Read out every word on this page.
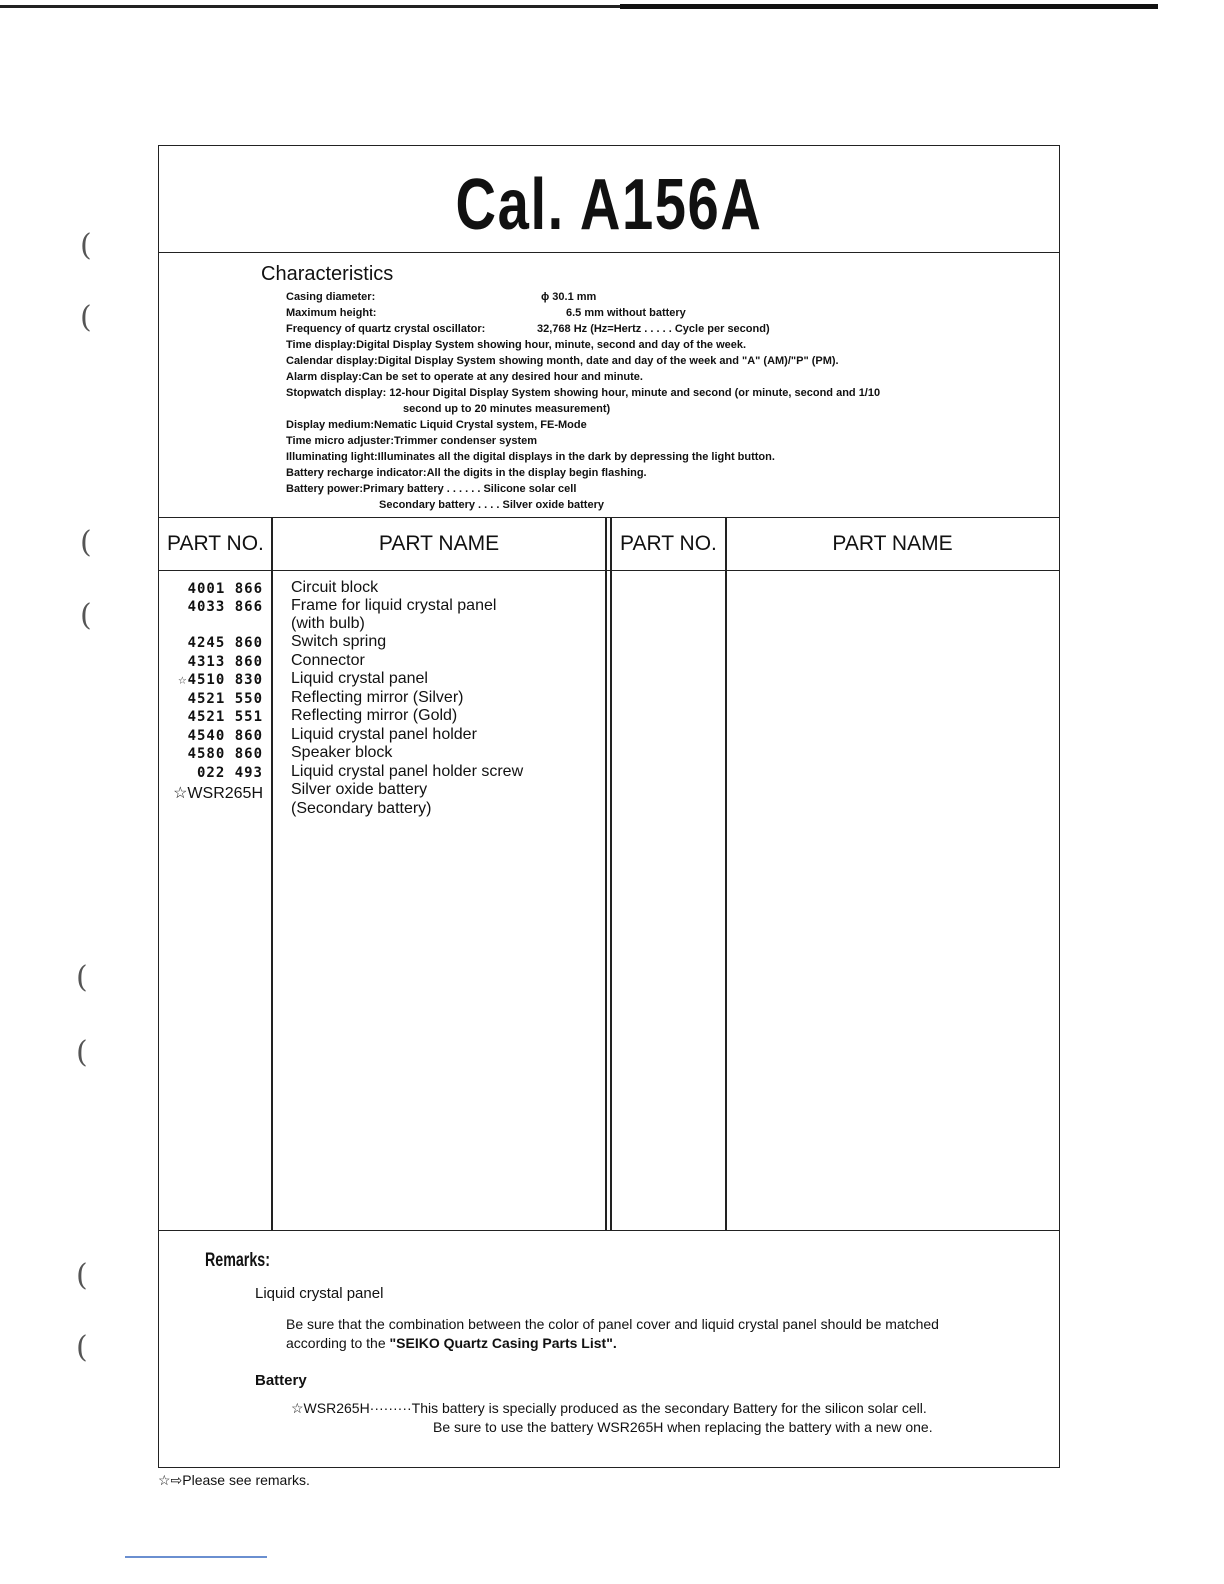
(
(
(
(
(
(
(
(
Cal. A156A
Characteristics
Casing diameter:	ϕ 30.1 mm
Maximum height:	6.5 mm without battery
Frequency of quartz crystal oscillator:	32,768 Hz (Hz=Hertz . . . . . Cycle per second)
Time display:Digital Display System showing hour, minute, second and day of the week.
Calendar display:Digital Display System showing month, date and day of the week and "A" (AM)/"P" (PM).
Alarm display:Can be set to operate at any desired hour and minute.
Stopwatch display: 12-hour Digital Display System showing hour, minute and second (or minute, second and 1/10
second up to 20 minutes measurement)
Display medium:Nematic Liquid Crystal system, FE-Mode
Time micro adjuster:Trimmer condenser system
Illuminating light:Illuminates all the digital displays in the dark by depressing the light button.
Battery recharge indicator:All the digits in the display begin flashing.
Battery power:Primary battery . . . . . . Silicone solar cell
Secondary battery . . . . Silver oxide battery
PART NO.	PART NAME	PART NO.	PART NAME
4001 866 Circuit block
4033 866 Frame for liquid crystal panel
(with bulb)
4245 860 Switch spring
4313 860 Connector
☆4510 830 Liquid crystal panel
4521 550 Reflecting mirror (Silver)
4521 551 Reflecting mirror (Gold)
4540 860 Liquid crystal panel holder
4580 860 Speaker block
022 493 Liquid crystal panel holder screw
☆WSR265H Silver oxide battery
(Secondary battery)
Remarks:
Liquid crystal panel
Be sure that the combination between the color of panel cover and liquid crystal panel should be matched
according to the "SEIKO Quartz Casing Parts List".
Battery
☆WSR265H·········This battery is specially produced as the secondary Battery for the silicon solar cell.
Be sure to use the battery WSR265H when replacing the battery with a new one.
☆⇨Please see remarks.
